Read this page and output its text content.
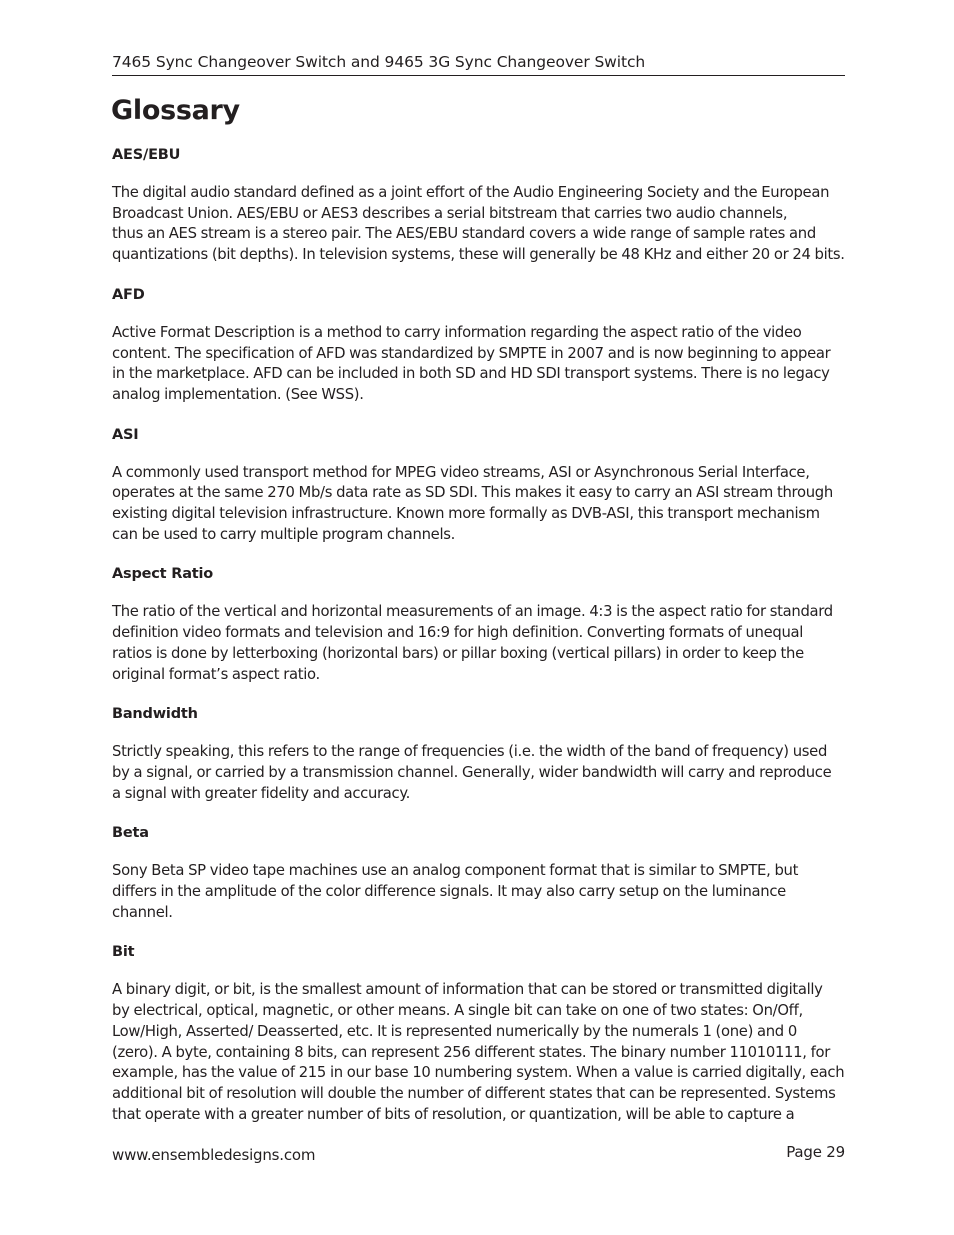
7465 Sync Changeover Switch and 9465 3G Sync Changeover Switch
Glossary
AES/EBU

The digital audio standard defined as a joint effort of the Audio Engineering Society and the European
Broadcast Union. AES/EBU or AES3 describes a serial bitstream that carries two audio channels,
thus an AES stream is a stereo pair. The AES/EBU standard covers a wide range of sample rates and
quantizations (bit depths). In television systems, these will generally be 48 KHz and either 20 or 24 bits.

AFD

Active Format Description is a method to carry information regarding the aspect ratio of the video
content. The specification of AFD was standardized by SMPTE in 2007 and is now beginning to appear
in the marketplace. AFD can be included in both SD and HD SDI transport systems. There is no legacy
analog implementation. (See WSS).

ASI

A commonly used transport method for MPEG video streams, ASI or Asynchronous Serial Interface,
operates at the same 270 Mb/s data rate as SD SDI. This makes it easy to carry an ASI stream through
existing digital television infrastructure. Known more formally as DVB-ASI, this transport mechanism
can be used to carry multiple program channels.

Aspect Ratio

The ratio of the vertical and horizontal measurements of an image. 4:3 is the aspect ratio for standard
definition video formats and television and 16:9 for high definition. Converting formats of unequal
ratios is done by letterboxing (horizontal bars) or pillar boxing (vertical pillars) in order to keep the
original format’s aspect ratio.

Bandwidth

Strictly speaking, this refers to the range of frequencies (i.e. the width of the band of frequency) used
by a signal, or carried by a transmission channel. Generally, wider bandwidth will carry and reproduce
a signal with greater fidelity and accuracy.

Beta

Sony Beta SP video tape machines use an analog component format that is similar to SMPTE, but
differs in the amplitude of the color difference signals. It may also carry setup on the luminance
channel.

Bit

A binary digit, or bit, is the smallest amount of information that can be stored or transmitted digitally
by electrical, optical, magnetic, or other means. A single bit can take on one of two states: On/Off,
Low/High, Asserted/ Deasserted, etc. It is represented numerically by the numerals 1 (one) and 0
(zero). A byte, containing 8 bits, can represent 256 different states. The binary number 11010111, for
example, has the value of 215 in our base 10 numbering system. When a value is carried digitally, each
additional bit of resolution will double the number of different states that can be represented. Systems
that operate with a greater number of bits of resolution, or quantization, will be able to capture a

www.ensembledesigns.com	Page 29
